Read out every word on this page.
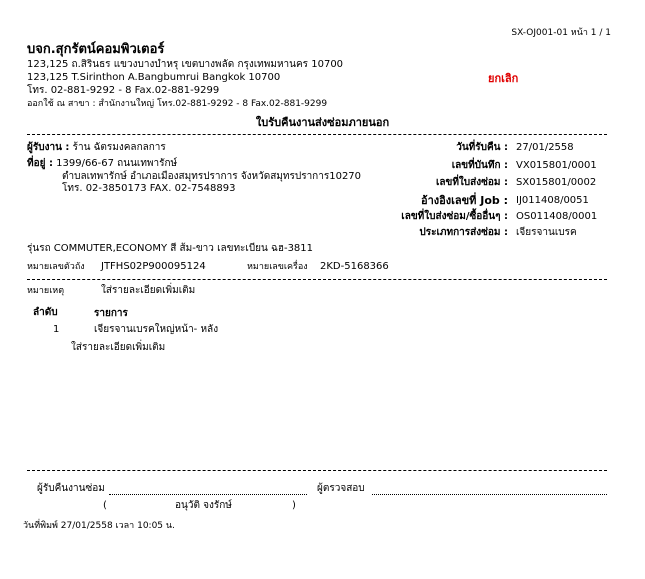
SX-OJ001-01 หน้า 1 / 1
บจก.สุกรัตน์คอมพิวเตอร์
123,125 ถ.สิรินธร แขวงบางบำหรุ เขตบางพลัด กรุงเทพมหานคร 10700
123,125 T.Sirinthon A.Bangbumrui Bangkok 10700
โทร. 02-881-9292 - 8 Fax.02-881-9299
ยกเลิก
ออกใช้ ณ สาขา : สำนักงานใหญ่ โทร.02-881-9292 - 8 Fax.02-881-9299
ใบรับคืนงานส่งซ่อมภายนอก
ผู้รับงาน : ร้าน ฉัตรมงคลกลการ
ที่อยู่ : 1399/66-67 ถนนเทพารักษ์
ตำบลเทพารักษ์ อำเภอเมืองสมุทรปราการ จังหวัดสมุทรปราการ10270
โทร. 02-3850173 FAX. 02-7548893
วันที่รับคืน : 27/01/2558
เลขที่บันทึก : VX015801/0001
เลขที่ใบส่งซ่อม : SX015801/0002
อ้างอิงเลขที่ Job : IJ011408/0051
เลขที่ใบส่งซ่อม/ซื้ออื่นๆ : OS011408/0001
ประเภทการส่งซ่อม : เจียรจานเบรค
รุ่นรถ COMMUTER,ECONOMY สี ส้ม-ขาว เลขทะเบียน ฉฮ-3811
หมายเลขตัวถัง JTFHS02P900095124	หมายเลขเครื่อง 2KD-5168366
หมายเหตุ	ใส่รายละเอียดเพิ่มเติม
ลำดับ	รายการ
1	เจียรจานเบรคใหญ่หน้า- หลัง
ใส่รายละเอียดเพิ่มเติม
ผู้รับคืนงานซ่อม
(	อนุวัติ จงรักษ์	)
ผู้ตรวจสอบ
วันที่พิมพ์ 27/01/2558 เวลา 10:05 น.
